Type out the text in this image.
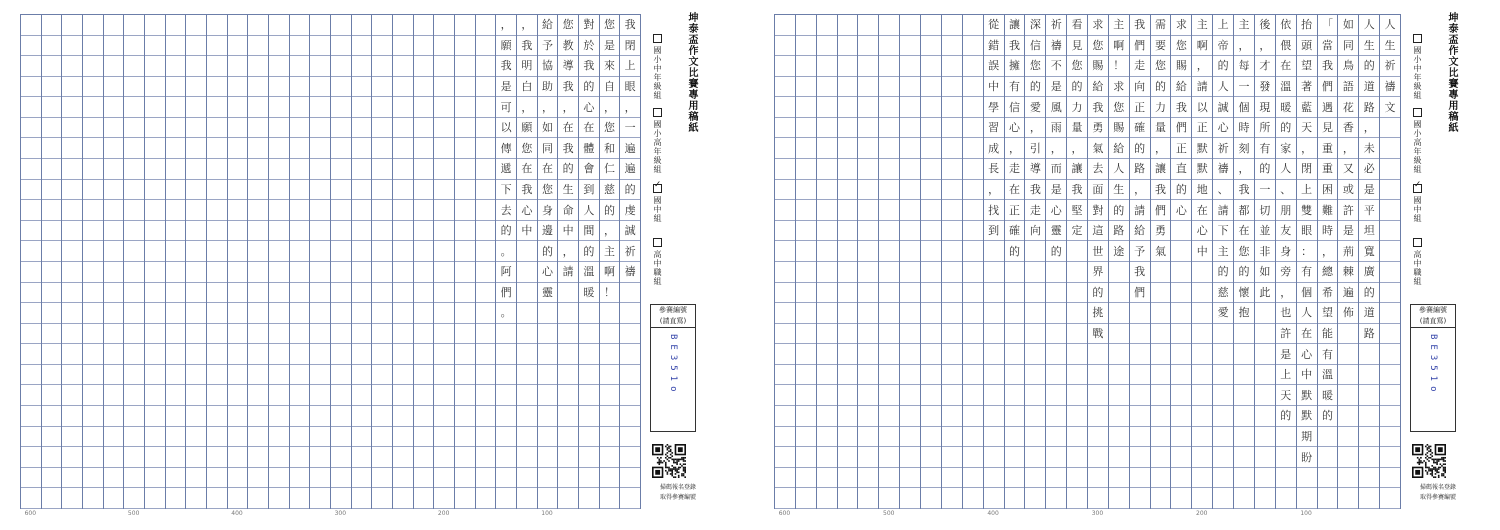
，
願
我
是
可
以
傳
遞
下
去
的
。
阿
們
。
，
我
明
白
，
願
您
在
我
心
中
給
予
協
助
，
如
同
在
您
身
邊
的
心
靈
您
教
導
我
，
在
我
的
生
命
中
，
請
對
於
我
的
心
在
體
會
到
人
間
的
溫
暖
您
是
來
自
，
您
和
仁
慈
的
，
主
啊
！
我
閉
上
眼
，
一
遍
遍
的
虔
誠
祈
禱
600	500	400	300	200	100
坤泰盃作文比賽專用稿紙
國小中年級組
國小高年級組
✓
國中組
高中職組
參賽編號
(請直寫)
BE351o
掃碼報名登錄
取得參賽編號
從
錯
誤
中
學
習
成
長
，
找
到
讓
我
擁
有
信
心
，
走
在
正
確
的
深
信
您
的
愛
，
引
導
我
走
向
祈
禱
不
是
風
雨
，
而
是
心
靈
的
看
見
您
的
力
量
，
讓
我
堅
定
求
您
賜
給
我
勇
氣
去
面
對
這
世
界
的
挑
戰
主
啊
！
求
您
賜
給
人
生
的
路
途
我
們
走
向
正
確
的
路
，
請
給
予
我
們
需
要
您
的
力
量
，
讓
我
們
勇
氣
求
您
賜
給
我
們
正
直
的
心
主
啊
，
請
以
正
默
默
地
在
心
中
上
帝
的
人
誠
心
祈
禱
、
請
下
主
的
慈
愛
主
，
每
一
個
時
刻
，
我
都
在
您
的
懷
抱
後
，
才
發
現
所
有
的
一
切
並
非
如
此
依
偎
在
溫
暖
的
家
人
、
朋
友
身
旁
，
也
許
是
上
天
的
抬
頭
望
著
藍
天
，
閉
上
雙
眼
：
有
個
人
在
心
中
默
默
期
盼
「
當
我
們
遇
見
重
重
困
難
時
，
總
希
望
能
有
溫
暖
的
如
同
鳥
語
花
香
，
又
或
許
是
荊
棘
遍
佈
人
生
的
道
路
，
未
必
是
平
坦
寬
廣
的
道
路
人
生
祈
禱
文
600	500	400	300	200	100
坤泰盃作文比賽專用稿紙
國小中年級組
國小高年級組
✓
國中組
高中職組
參賽編號
(請直寫)
BE351o
掃碼報名登錄
取得參賽編號
